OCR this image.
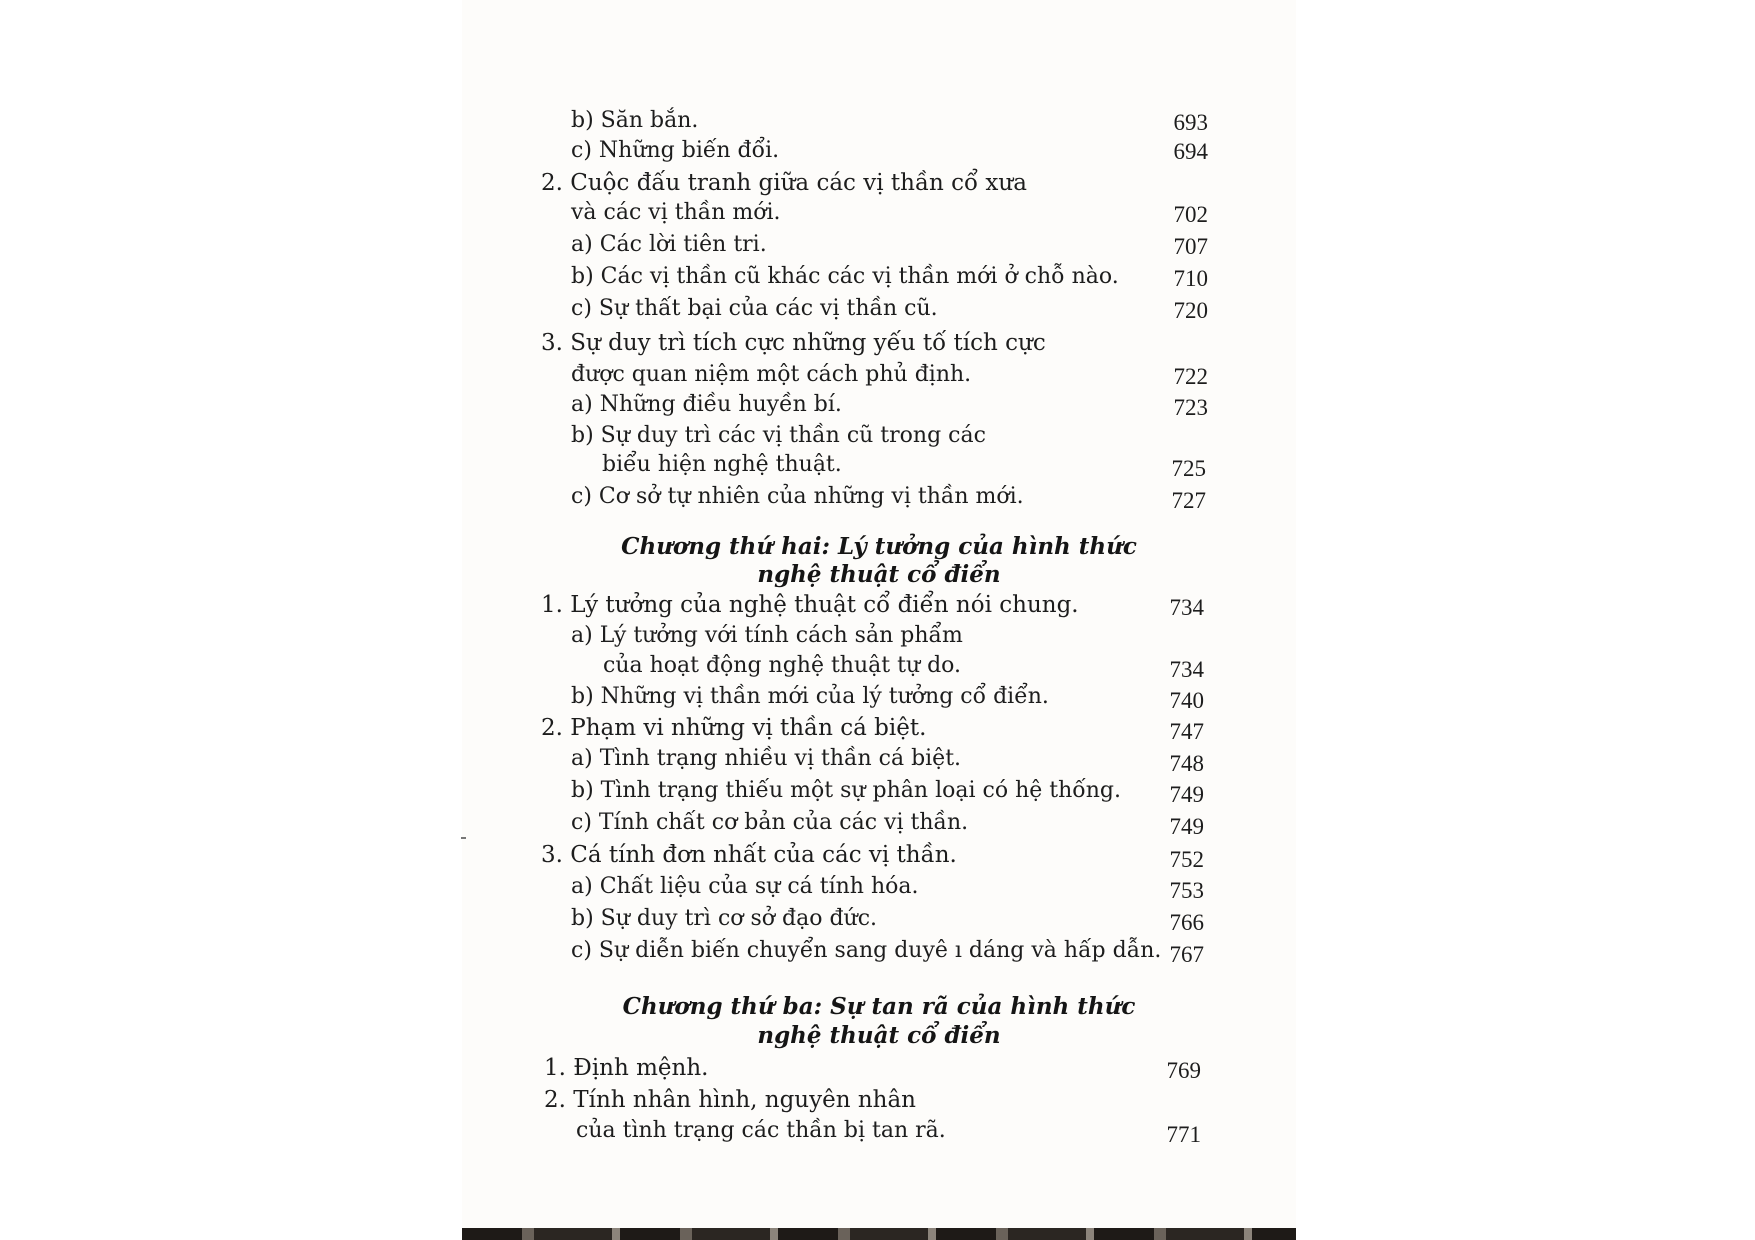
b) Săn bắn.	693
c) Những biến đổi.	694
2. Cuộc đấu tranh giữa các vị thần cổ xưa
và các vị thần mới.	702
a) Các lời tiên tri.	707
b) Các vị thần cũ khác các vị thần mới ở chỗ nào.	710
c) Sự thất bại của các vị thần cũ.	720
3. Sự duy trì tích cực những yếu tố tích cực
được quan niệm một cách phủ định.	722
a) Những điều huyền bí.	723
b) Sự duy trì các vị thần cũ trong các
biểu hiện nghệ thuật.	725
c) Cơ sở tự nhiên của những vị thần mới.	727
Chương thứ hai: Lý tưởng của hình thức
nghệ thuật cổ điển
1. Lý tưởng của nghệ thuật cổ điển nói chung.	734
a) Lý tưởng với tính cách sản phẩm
của hoạt động nghệ thuật tự do.	734
b) Những vị thần mới của lý tưởng cổ điển.	740
2. Phạm vi những vị thần cá biệt.	747
a) Tình trạng nhiều vị thần cá biệt.	748
b) Tình trạng thiếu một sự phân loại có hệ thống.	749
c) Tính chất cơ bản của các vị thần.	749
3. Cá tính đơn nhất của các vị thần.	752
a) Chất liệu của sự cá tính hóa.	753
b) Sự duy trì cơ sở đạo đức.	766
c) Sự diễn biến chuyển sang duyê ı dáng và hấp dẫn. 767
Chương thứ ba: Sự tan rã của hình thức
nghệ thuật cổ điển
1. Định mệnh.	769
2. Tính nhân hình, nguyên nhân
của tình trạng các thần bị tan rã.	771
